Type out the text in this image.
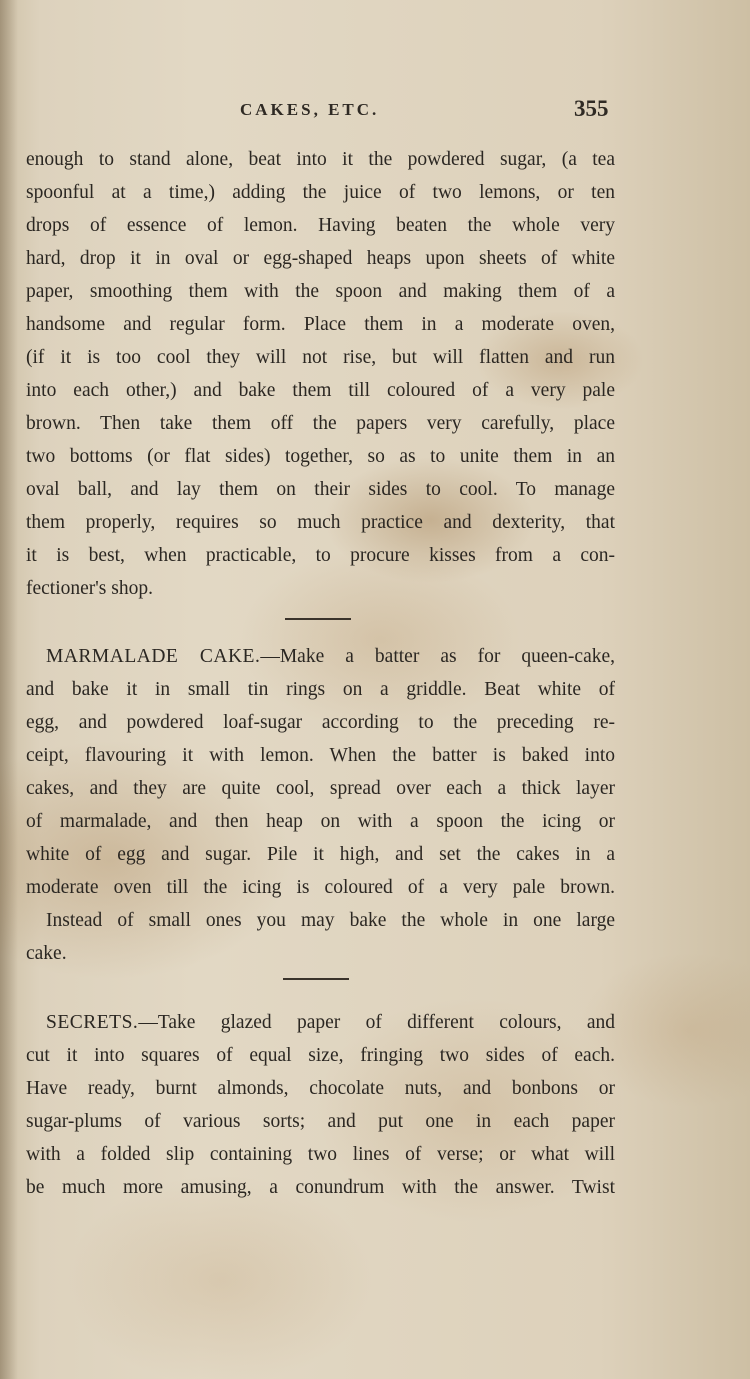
CAKES, ETC.	355
enough to stand alone, beat into it the powdered sugar, (a tea
spoonful at a time,) adding the juice of two lemons, or ten
drops of essence of lemon. Having beaten the whole very
hard, drop it in oval or egg-shaped heaps upon sheets of white
paper, smoothing them with the spoon and making them of a
handsome and regular form. Place them in a moderate oven,
(if it is too cool they will not rise, but will flatten and run
into each other,) and bake them till coloured of a very pale
brown. Then take them off the papers very carefully, place
two bottoms (or flat sides) together, so as to unite them in an
oval ball, and lay them on their sides to cool. To manage
them properly, requires so much practice and dexterity, that
it is best, when practicable, to procure kisses from a con-
fectioner's shop.
MARMALADE CAKE.—Make a batter as for queen-cake,
and bake it in small tin rings on a griddle. Beat white of
egg, and powdered loaf-sugar according to the preceding re-
ceipt, flavouring it with lemon. When the batter is baked into
cakes, and they are quite cool, spread over each a thick layer
of marmalade, and then heap on with a spoon the icing or
white of egg and sugar. Pile it high, and set the cakes in a
moderate oven till the icing is coloured of a very pale brown.
Instead of small ones you may bake the whole in one large
cake.
SECRETS.—Take glazed paper of different colours, and
cut it into squares of equal size, fringing two sides of each.
Have ready, burnt almonds, chocolate nuts, and bonbons or
sugar-plums of various sorts; and put one in each paper
with a folded slip containing two lines of verse; or what will
be much more amusing, a conundrum with the answer. Twist
